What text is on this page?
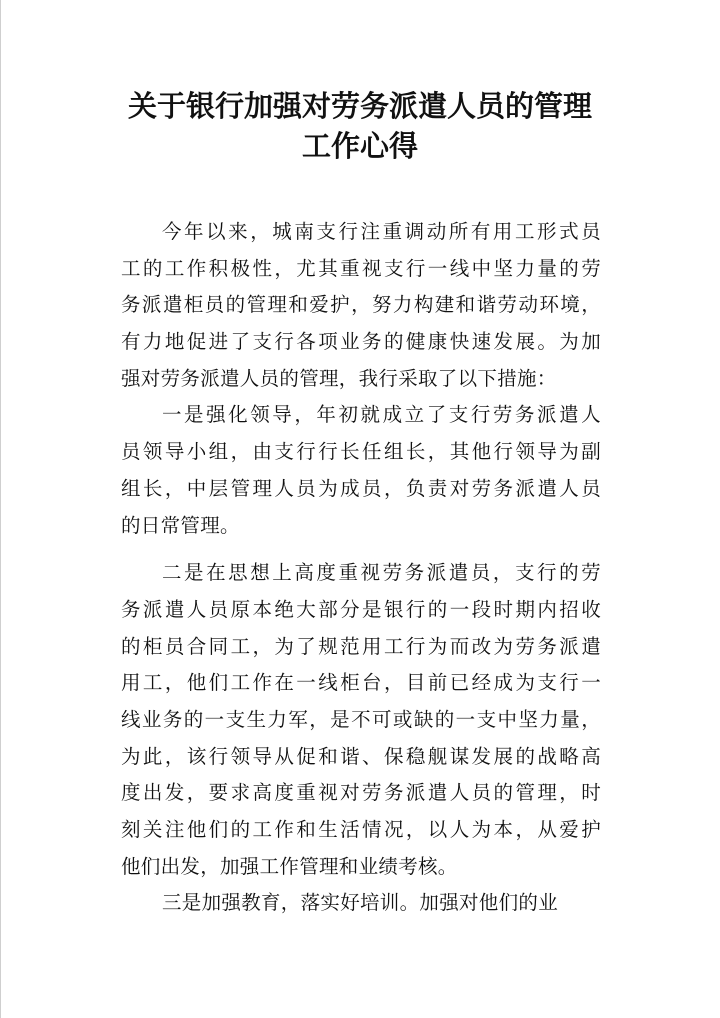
关于银行加强对劳务派遣人员的管理
工作心得

今年以来，城南支行注重调动所有用工形式员
工的工作积极性，尤其重视支行一线中坚力量的劳
务派遣柜员的管理和爱护，努力构建和谐劳动环境，
有力地促进了支行各项业务的健康快速发展。为加
强对劳务派遣人员的管理，我行采取了以下措施：

一是强化领导，年初就成立了支行劳务派遣人
员领导小组，由支行行长任组长，其他行领导为副
组长，中层管理人员为成员，负责对劳务派遣人员
的日常管理。

二是在思想上高度重视劳务派遣员，支行的劳
务派遣人员原本绝大部分是银行的一段时期内招收
的柜员合同工，为了规范用工行为而改为劳务派遣
用工，他们工作在一线柜台，目前已经成为支行一
线业务的一支生力军，是不可或缺的一支中坚力量，
为此，该行领导从促和谐、保稳舰谋发展的战略高
度出发，要求高度重视对劳务派遣人员的管理，时
刻关注他们的工作和生活情况，以人为本，从爱护
他们出发，加强工作管理和业绩考核。

三是加强教育，落实好培训。加强对他们的业
